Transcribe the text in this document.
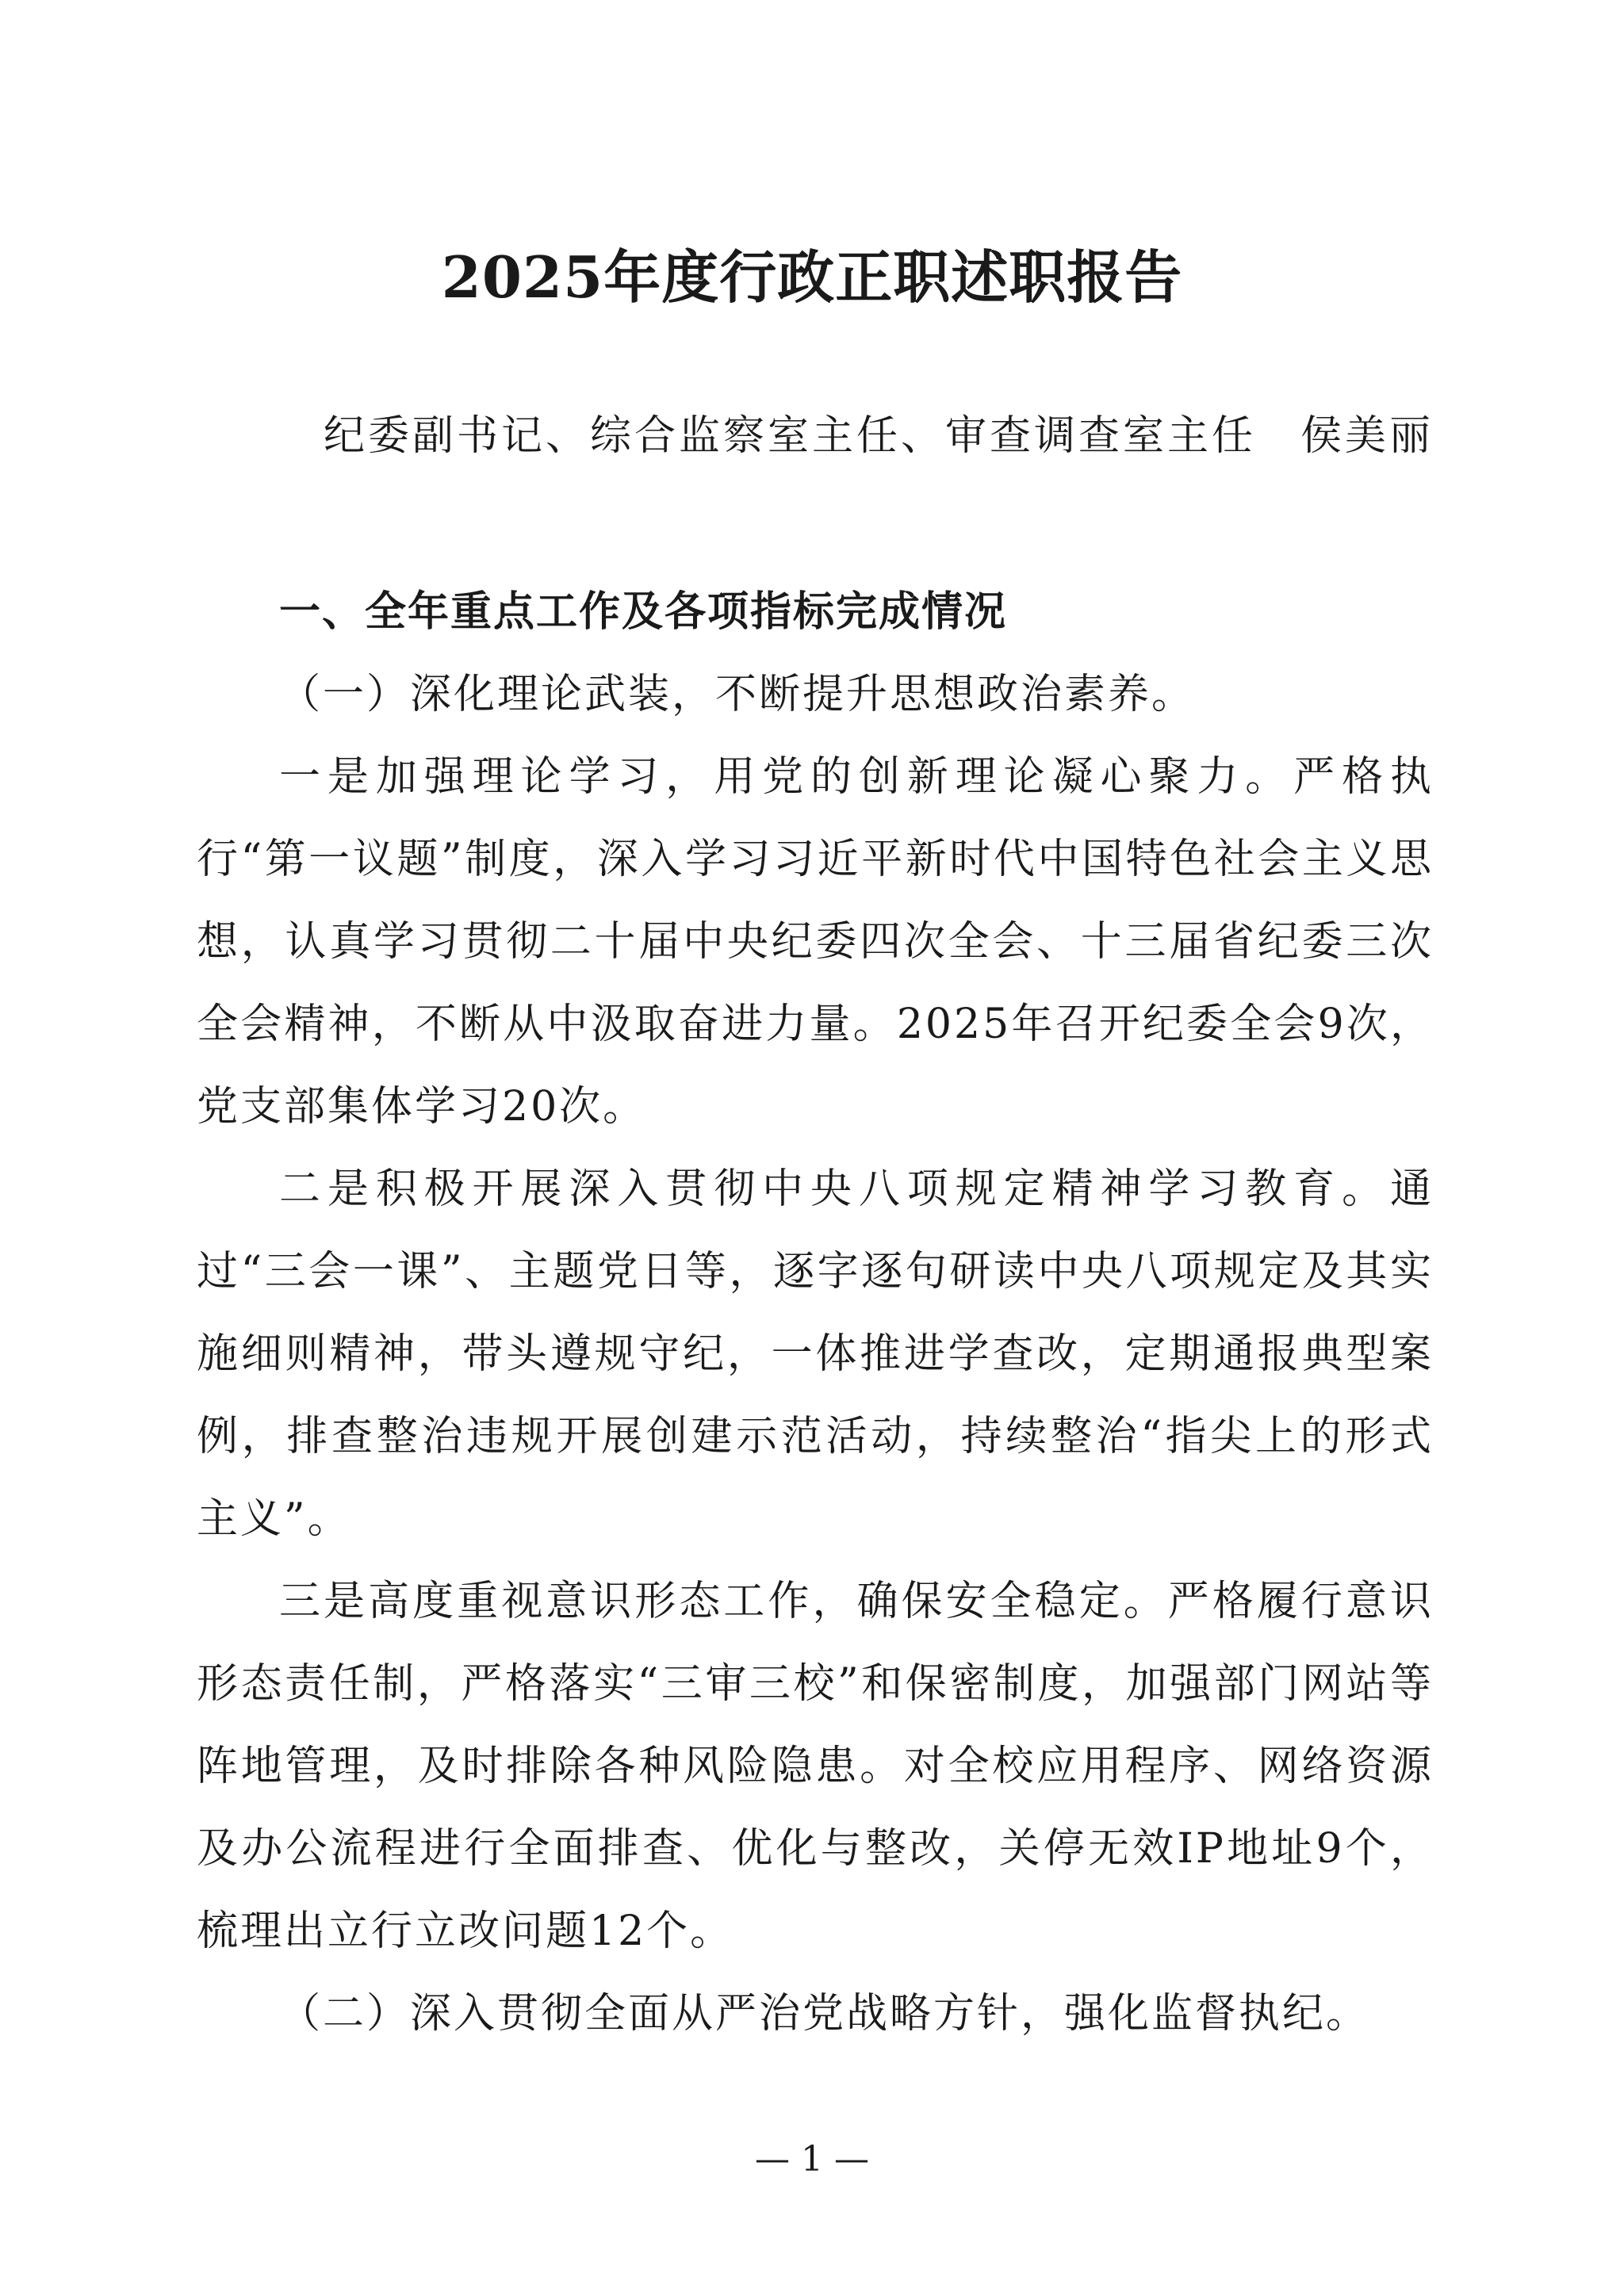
2025年度行政正职述职报告
纪委副书记、综合监察室主任、审查调查室主任　侯美丽

一、全年重点工作及各项指标完成情况

（一）深化理论武装，不断提升思想政治素养。

一是加强理论学习，用党的创新理论凝心聚力。严格执行“第一议题”制度，深入学习习近平新时代中国特色社会主义思想，认真学习贯彻二十届中央纪委四次全会、十三届省纪委三次全会精神，不断从中汲取奋进力量。2025年召开纪委全会9次，党支部集体学习20次。

二是积极开展深入贯彻中央八项规定精神学习教育。通过“三会一课”、主题党日等，逐字逐句研读中央八项规定及其实施细则精神，带头遵规守纪，一体推进学查改，定期通报典型案例，排查整治违规开展创建示范活动，持续整治“指尖上的形式主义”。

三是高度重视意识形态工作，确保安全稳定。严格履行意识形态责任制，严格落实“三审三校”和保密制度，加强部门网站等阵地管理，及时排除各种风险隐患。对全校应用程序、网络资源及办公流程进行全面排查、优化与整改，关停无效IP地址9个，梳理出立行立改问题12个。

（二）深入贯彻全面从严治党战略方针，强化监督执纪。

— 1 —
